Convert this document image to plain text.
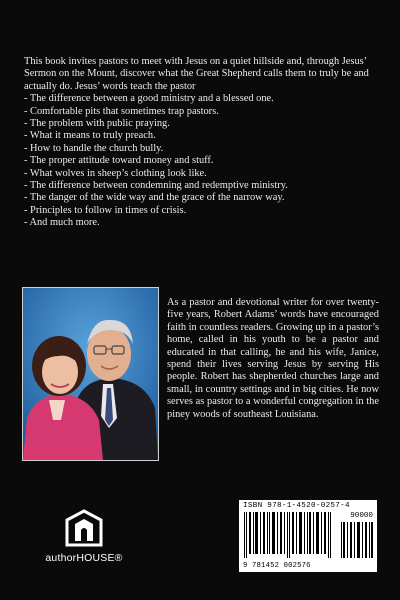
This book invites pastors to meet with Jesus on a quiet hillside and, through Jesus’ Sermon on the Mount, discover what the Great Shepherd calls them to truly be and actually do. Jesus’ words teach the pastor

- The difference between a good ministry and a blessed one.
- Comfortable pits that sometimes trap pastors.
- The problem with public praying.
- What it means to truly preach.
- How to handle the church bully.
- The proper attitude toward money and stuff.
- What wolves in sheep’s clothing look like.
- The difference between condemning and redemptive ministry.
- The danger of the wide way and the grace of the narrow way.
- Principles to follow in times of crisis.
- And much more.
As a pastor and devotional writer for over twenty-five years, Robert Adams’ words have encouraged faith in countless readers. Growing up in a pastor’s home, called in his youth to be a pastor and educated in that calling, he and his wife, Janice, spend their lives serving Jesus by serving His people. Robert has shepherded churches large and small, in country settings and in big cities. He now serves as pastor to a wonderful congregation in the piney woods of southeast Louisiana.
authorHOUSE®
ISBN 978-1-4520-0257-4
90000
9 781452 002576
